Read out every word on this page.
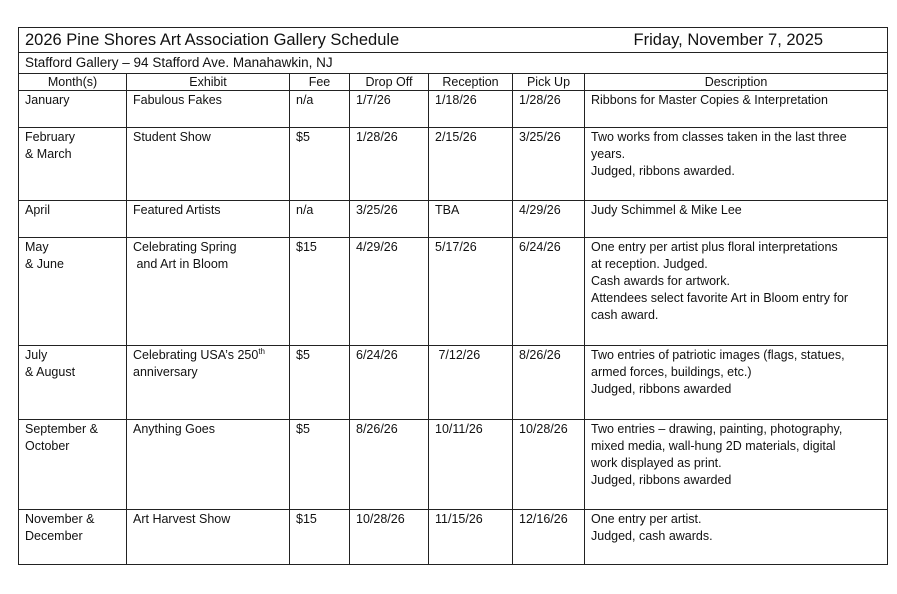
2026 Pine Shores Art Association Gallery Schedule Friday, November 7, 2025						

Stafford Gallery – 94 Stafford Ave. Manahawkin, NJ						
Month(s)	Exhibit	Fee	Drop Off	Reception	Pick Up	Description

January	Fabulous Fakes	n/a	1/7/26	1/18/26	1/28/26	Ribbons for Master Copies & Interpretation

February
& March	Student Show	$5	1/28/26	2/15/26	3/25/26	Two works from classes taken in the last three
years.
Judged, ribbons awarded.

April	Featured Artists	n/a	3/25/26	TBA	4/29/26	Judy Schimmel & Mike Lee

May
& June	Celebrating Spring
and Art in Bloom	$15	4/29/26	5/17/26	6/24/26	One entry per artist plus floral interpretations
at reception. Judged.
Cash awards for artwork.
Attendees select favorite Art in Bloom entry for
cash award.

July
& August	Celebrating USA’s 250th
anniversary	$5	6/24/26	7/12/26	8/26/26	Two entries of patriotic images (flags, statues,
armed forces, buildings, etc.)
Judged, ribbons awarded

September &
October	Anything Goes	$5	8/26/26	10/11/26	10/28/26	Two entries – drawing, painting, photography,
mixed media, wall-hung 2D materials, digital
work displayed as print.
Judged, ribbons awarded

November &
December	Art Harvest Show	$15	10/28/26	11/15/26	12/16/26	One entry per artist.
Judged, cash awards.
